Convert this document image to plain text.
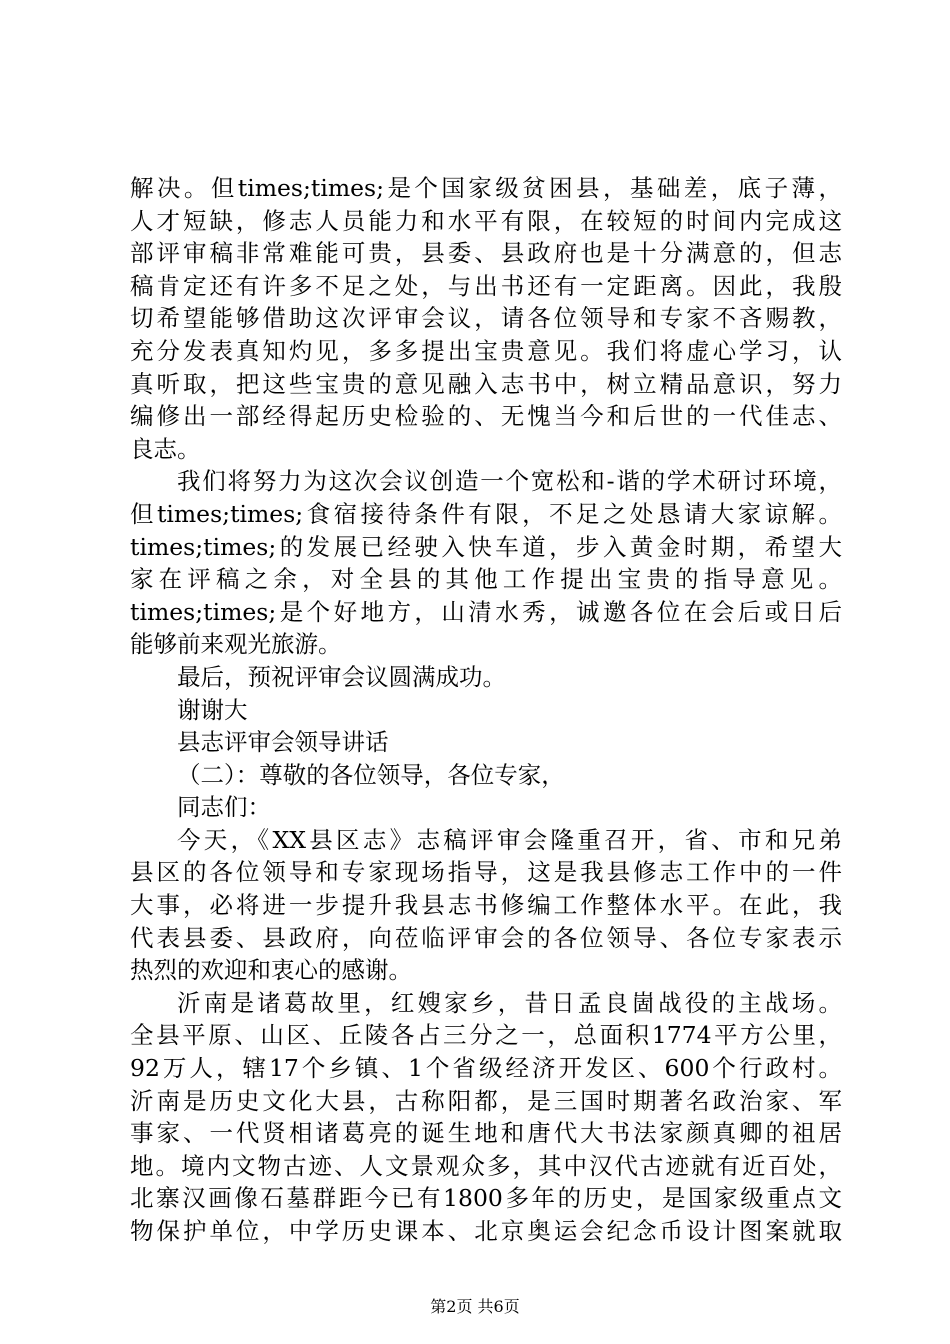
解决。但times;times;是个国家级贫困县，基础差，底子薄，
人才短缺，修志人员能力和水平有限，在较短的时间内完成这
部评审稿非常难能可贵，县委、县政府也是十分满意的，但志
稿肯定还有许多不足之处，与出书还有一定距离。因此，我殷
切希望能够借助这次评审会议，请各位领导和专家不吝赐教，
充分发表真知灼见，多多提出宝贵意见。我们将虚心学习，认
真听取，把这些宝贵的意见融入志书中，树立精品意识，努力
编修出一部经得起历史检验的、无愧当今和后世的一代佳志、
良志。
我们将努力为这次会议创造一个宽松和-谐的学术研讨环境，
但times;times;食宿接待条件有限，不足之处恳请大家谅解。
times;times;的发展已经驶入快车道，步入黄金时期，希望大
家在评稿之余，对全县的其他工作提出宝贵的指导意见。
times;times;是个好地方，山清水秀，诚邀各位在会后或日后
能够前来观光旅游。
最后，预祝评审会议圆满成功。
谢谢大
县志评审会领导讲话
（二）：尊敬的各位领导，各位专家，
同志们：
今天，《XX县区志》志稿评审会隆重召开，省、市和兄弟
县区的各位领导和专家现场指导，这是我县修志工作中的一件
大事，必将进一步提升我县志书修编工作整体水平。在此，我
代表县委、县政府，向莅临评审会的各位领导、各位专家表示
热烈的欢迎和衷心的感谢。
沂南是诸葛故里，红嫂家乡，昔日孟良崮战役的主战场。
全县平原、山区、丘陵各占三分之一，总面积1774平方公里，
92万人，辖17个乡镇、1个省级经济开发区、600个行政村。
沂南是历史文化大县，古称阳都，是三国时期著名政治家、军
事家、一代贤相诸葛亮的诞生地和唐代大书法家颜真卿的祖居
地。境内文物古迹、人文景观众多，其中汉代古迹就有近百处，
北寨汉画像石墓群距今已有1800多年的历史，是国家级重点文
物保护单位，中学历史课本、北京奥运会纪念币设计图案就取
第2页 共6页
